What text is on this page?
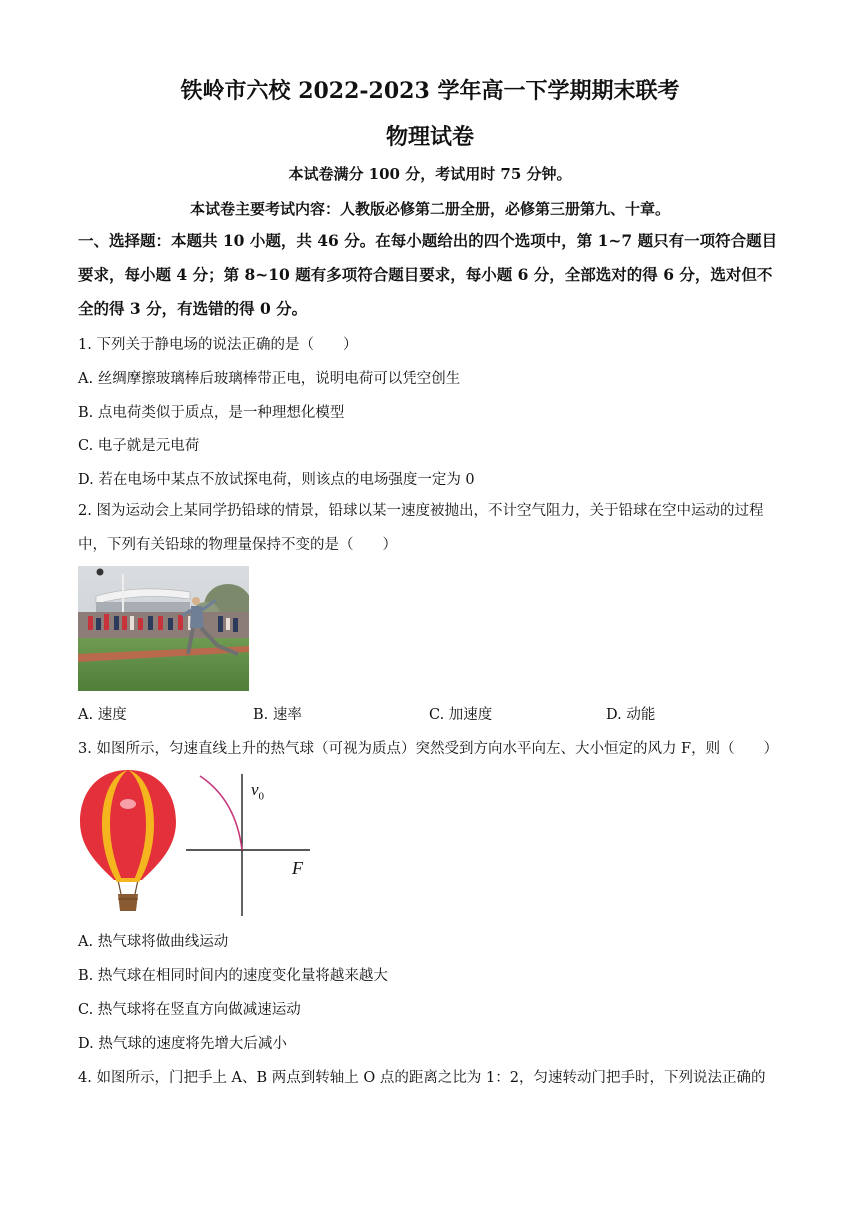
铁岭市六校 2022-2023 学年高一下学期期末联考
物理试卷
本试卷满分 100 分，考试用时 75 分钟。
本试卷主要考试内容：人教版必修第二册全册，必修第三册第九、十章。
一、选择题：本题共 10 小题，共 46 分。在每小题给出的四个选项中，第 1~7 题只有一项符合题目要求，每小题 4 分；第 8~10 题有多项符合题目要求，每小题 6 分，全部选对的得 6 分，选对但不全的得 3 分，有选错的得 0 分。
1. 下列关于静电场的说法正确的是（　　）
A. 丝绸摩擦玻璃棒后玻璃棒带正电，说明电荷可以凭空创生
B. 点电荷类似于质点，是一种理想化模型
C. 电子就是元电荷
D. 若在电场中某点不放试探电荷，则该点的电场强度一定为 0
2. 图为运动会上某同学扔铅球的情景，铅球以某一速度被抛出，不计空气阻力，关于铅球在空中运动的过程中，下列有关铅球的物理量保持不变的是（　　）
A. 速度	B. 速率	C. 加速度	D. 动能
3. 如图所示，匀速直线上升的热气球（可视为质点）突然受到方向水平向左、大小恒定的风力 F，则（　　）
$v_0$
F
A. 热气球将做曲线运动
B. 热气球在相同时间内的速度变化量将越来越大
C. 热气球将在竖直方向做减速运动
D. 热气球的速度将先增大后减小
4. 如图所示，门把手上 A、B 两点到转轴上 O 点的距离之比为 1：2，匀速转动门把手时，下列说法正确的
